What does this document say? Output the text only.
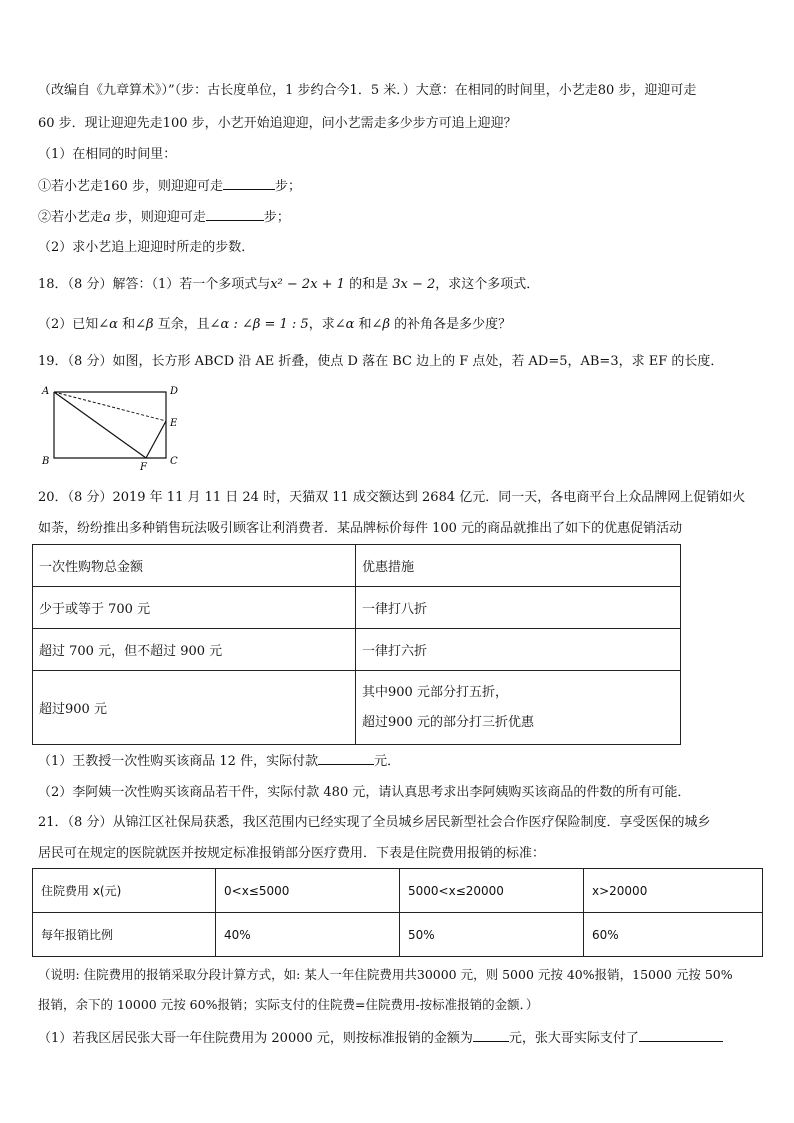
（改编自《九章算术》）”（步：古长度单位，1 步约合今1．5 米．）大意：在相同的时间里，小艺走80 步，迎迎可走
60 步．现让迎迎先走100 步，小艺开始追迎迎，问小艺需走多少步方可追上迎迎？
（1）在相同的时间里：
①若小艺走160 步，则迎迎可走	步；
②若小艺走a 步，则迎迎可走	步；
（2）求小艺追上迎迎时所走的步数．
18．（8 分）解答：（1）若一个多项式与x² − 2x + 1 的和是 3x − 2，求这个多项式．
（2）已知∠α 和∠β 互余，且∠α : ∠β = 1 : 5，求∠α 和∠β 的补角各是多少度？
19．（8 分）如图，长方形 ABCD 沿 AE 折叠，使点 D 落在 BC 边上的 F 点处，若 AD=5，AB=3，求 EF 的长度．
A	D
E
C
B
F
20．（8 分）2019 年 11 月 11 日 24 时，天猫双 11 成交额达到 2684 亿元．同一天，各电商平台上众品牌网上促销如火
如荼，纷纷推出多种销售玩法吸引顾客让利消费者．某品牌标价每件 100 元的商品就推出了如下的优惠促销活动
一次性购物总金额	优惠措施
少于或等于 700 元	一律打八折
超过 700 元，但不超过 900 元	一律打六折
超过900 元	其中900 元部分打五折，
超过900 元的部分打三折优惠
（1）王教授一次性购买该商品 12 件，实际付款	元．
（2）李阿姨一次性购买该商品若干件，实际付款 480 元，请认真思考求出李阿姨购买该商品的件数的所有可能．
21．（8 分）从锦江区社保局获悉，我区范围内已经实现了全员城乡居民新型社会合作医疗保险制度．享受医保的城乡
居民可在规定的医院就医并按规定标准报销部分医疗费用．下表是住院费用报销的标准：
住院费用 x(元)	0<x≤5000	5000<x≤20000	x>20000
每年报销比例	40%	50%	60%
（说明: 住院费用的报销采取分段计算方式，如: 某人一年住院费用共30000 元，则 5000 元按 40%报销，15000 元按 50%
报销，余下的 10000 元按 60%报销；实际支付的住院费=住院费用-按标准报销的金额．）
（1）若我区居民张大哥一年住院费用为 20000 元，则按标准报销的金额为	元，张大哥实际支付了
